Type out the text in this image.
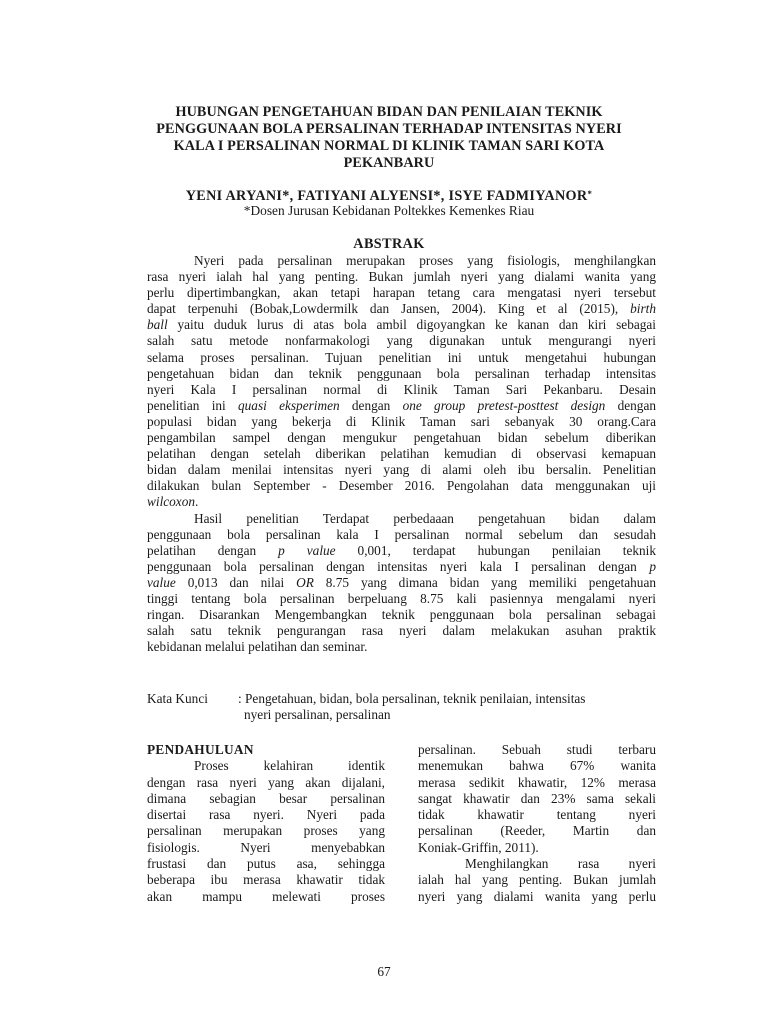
HUBUNGAN PENGETAHUAN BIDAN DAN PENILAIAN TEKNIK
PENGGUNAAN BOLA PERSALINAN TERHADAP INTENSITAS NYERI
KALA I PERSALINAN NORMAL DI KLINIK TAMAN SARI KOTA
PEKANBARU
YENI ARYANI*, FATIYANI ALYENSI*, ISYE FADMIYANOR*
*Dosen Jurusan Kebidanan Poltekkes Kemenkes Riau
ABSTRAK
Nyeri pada persalinan merupakan proses yang fisiologis, menghilangkan
rasa nyeri ialah hal yang penting. Bukan jumlah nyeri yang dialami wanita yang
perlu dipertimbangkan, akan tetapi harapan tetang cara mengatasi nyeri tersebut
dapat terpenuhi (Bobak,Lowdermilk dan Jansen, 2004). King et al (2015), birth
ball yaitu duduk lurus di atas bola ambil digoyangkan ke kanan dan kiri sebagai
salah satu metode nonfarmakologi yang digunakan untuk mengurangi nyeri
selama proses persalinan. Tujuan penelitian ini untuk mengetahui hubungan
pengetahuan bidan dan teknik penggunaan bola persalinan terhadap intensitas
nyeri Kala I persalinan normal di Klinik Taman Sari Pekanbaru. Desain
penelitian ini quasi eksperimen dengan one group pretest-posttest design dengan
populasi bidan yang bekerja di Klinik Taman sari sebanyak 30 orang.Cara
pengambilan sampel dengan mengukur pengetahuan bidan sebelum diberikan
pelatihan dengan setelah diberikan pelatihan kemudian di observasi kemapuan
bidan dalam menilai intensitas nyeri yang di alami oleh ibu bersalin. Penelitian
dilakukan bulan September - Desember 2016. Pengolahan data menggunakan uji
wilcoxon.
Hasil penelitian Terdapat perbedaaan pengetahuan bidan dalam
penggunaan bola persalinan kala I persalinan normal sebelum dan sesudah
pelatihan dengan p value 0,001, terdapat hubungan penilaian teknik
penggunaan bola persalinan dengan intensitas nyeri kala I persalinan dengan p
value 0,013 dan nilai OR 8.75 yang dimana bidan yang memiliki pengetahuan
tinggi tentang bola persalinan berpeluang 8.75 kali pasiennya mengalami nyeri
ringan. Disarankan Mengembangkan teknik penggunaan bola persalinan sebagai
salah satu teknik pengurangan rasa nyeri dalam melakukan asuhan praktik
kebidanan melalui pelatihan dan seminar.
Kata Kunci : Pengetahuan, bidan, bola persalinan, teknik penilaian, intensitas
nyeri persalinan, persalinan
PENDAHULUAN
Proses kelahiran identik
dengan rasa nyeri yang akan dijalani,
dimana sebagian besar persalinan
disertai rasa nyeri. Nyeri pada
persalinan merupakan proses yang
fisiologis. Nyeri menyebabkan
frustasi dan putus asa, sehingga
beberapa ibu merasa khawatir tidak
akan mampu melewati proses
persalinan. Sebuah studi terbaru
menemukan bahwa 67% wanita
merasa sedikit khawatir, 12% merasa
sangat khawatir dan 23% sama sekali
tidak khawatir tentang nyeri
persalinan (Reeder, Martin dan
Koniak-Griffin, 2011).
Menghilangkan rasa nyeri
ialah hal yang penting. Bukan jumlah
nyeri yang dialami wanita yang perlu
67
